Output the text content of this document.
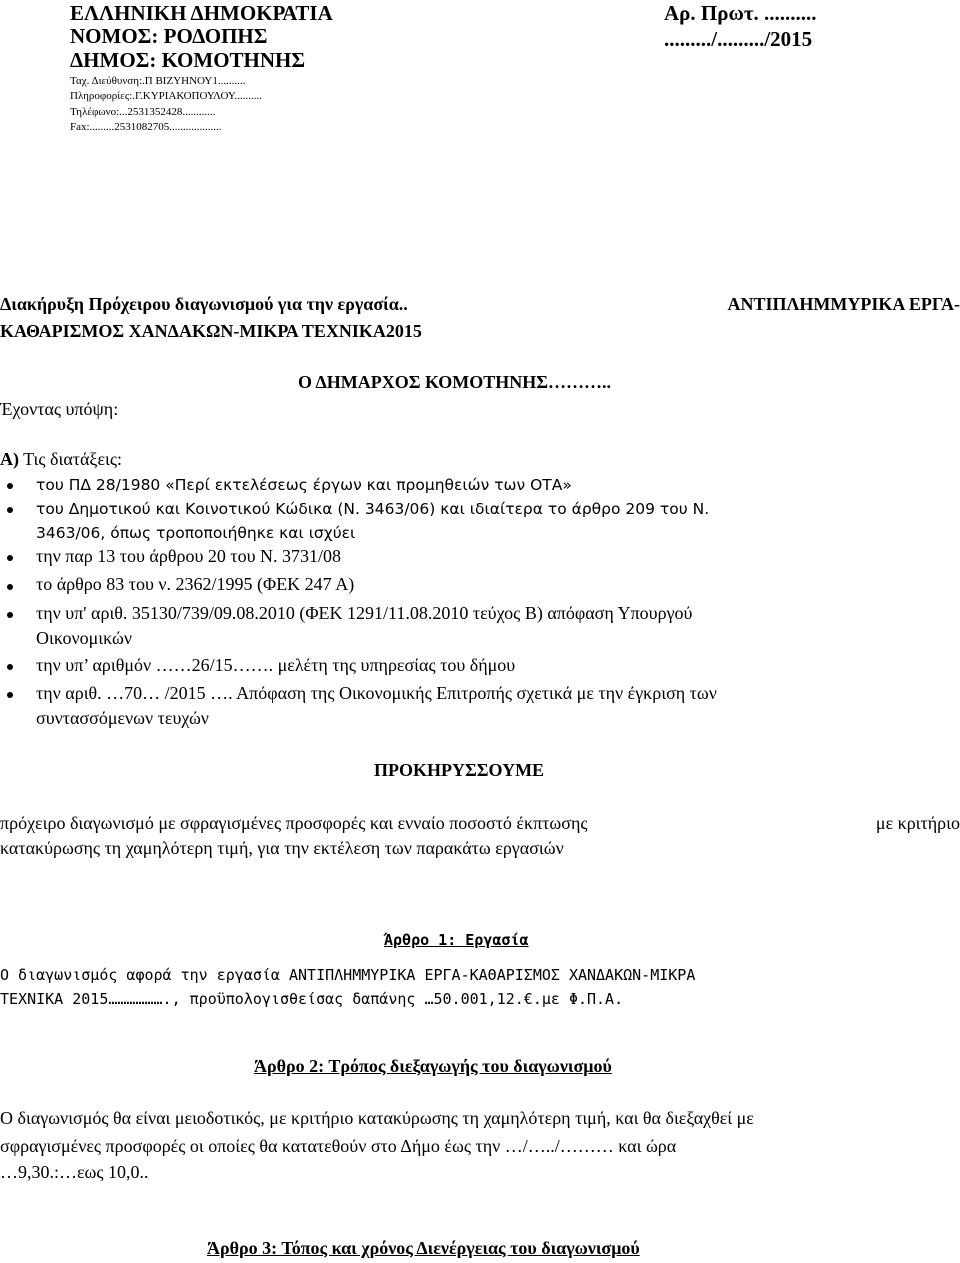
ΕΛΛΗΝΙΚΗ ΔΗΜΟΚΡΑΤΙΑ
ΝΟΜΟΣ: ΡΟΔΟΠΗΣ
ΔΗΜΟΣ: ΚΟΜΟΤΗΝΗΣ
Ταχ. Διεύθυνση:.Π ΒΙΖΥΗΝΟΥ1..........
Πληροφορίες:.Γ.ΚΥΡΙΑΚΟΠΟΥΛΟΥ..........
Τηλέφωνο:...2531352428............
Fax:.........2531082705...................
Αρ. Πρωτ. ..........
........./........./2015
Διακήρυξη Πρόχειρου διαγωνισμού για την εργασία..	ΑΝΤΙΠΛΗΜΜΥΡΙΚΑ ΕΡΓΑ-
ΚΑΘΑΡΙΣΜΟΣ ΧΑΝΔΑΚΩΝ-ΜΙΚΡΑ ΤΕΧΝΙΚΑ2015
Ο ΔΗΜΑΡΧΟΣ ΚΟΜΟΤΗΝΗΣ………..
Έχοντας υπόψη:
Α) Τις διατάξεις:
του ΠΔ 28/1980 «Περί εκτελέσεως έργων και προμηθειών των ΟΤΑ»
του Δημοτικού και Κοινοτικού Κώδικα (Ν. 3463/06) και ιδιαίτερα το άρθρο 209 του Ν.
3463/06, όπως τροποποιήθηκε και ισχύει
την παρ 13 του άρθρου 20 του Ν. 3731/08
το άρθρο 83 του ν. 2362/1995 (ΦΕΚ 247 Α)
την υπ' αριθ. 35130/739/09.08.2010 (ΦΕΚ 1291/11.08.2010 τεύχος Β) απόφαση Υπουργού
Οικονομικών
την υπ’ αριθμόν ……26/15……. μελέτη της υπηρεσίας του δήμου
την αριθ. …70… /2015 …. Απόφαση της Οικονομικής Επιτροπής σχετικά με την έγκριση των
συντασσόμενων τευχών
ΠΡΟΚΗΡΥΣΣΟΥΜΕ
πρόχειρο διαγωνισμό με σφραγισμένες προσφορές και ενναίο ποσοστό έκπτωσης	με κριτήριο
κατακύρωσης τη χαμηλότερη τιμή, για την εκτέλεση των παρακάτω εργασιών
Άρθρο 1: Εργασία
Ο διαγωνισμός αφορά την εργασία ΑΝΤΙΠΛΗΜΜΥΡΙΚΑ ΕΡΓΑ-ΚΑΘΑΡΙΣΜΟΣ ΧΑΝΔΑΚΩΝ-ΜΙΚΡΑ
ΤΕΧΝΙΚΑ 2015………………., προϋπολογισθείσας δαπάνης …50.001,12.€.με Φ.Π.Α.
Άρθρο 2: Τρόπος διεξαγωγής του διαγωνισμού
Ο διαγωνισμός θα είναι μειοδοτικός, με κριτήριο κατακύρωσης τη χαμηλότερη τιμή, και θα διεξαχθεί με
σφραγισμένες προσφορές οι οποίες θα κατατεθούν στο Δήμο έως την …/…../……… και ώρα
…9,30.:…εως 10,0..
Άρθρο 3: Τόπος και χρόνος Διενέργειας του διαγωνισμού
